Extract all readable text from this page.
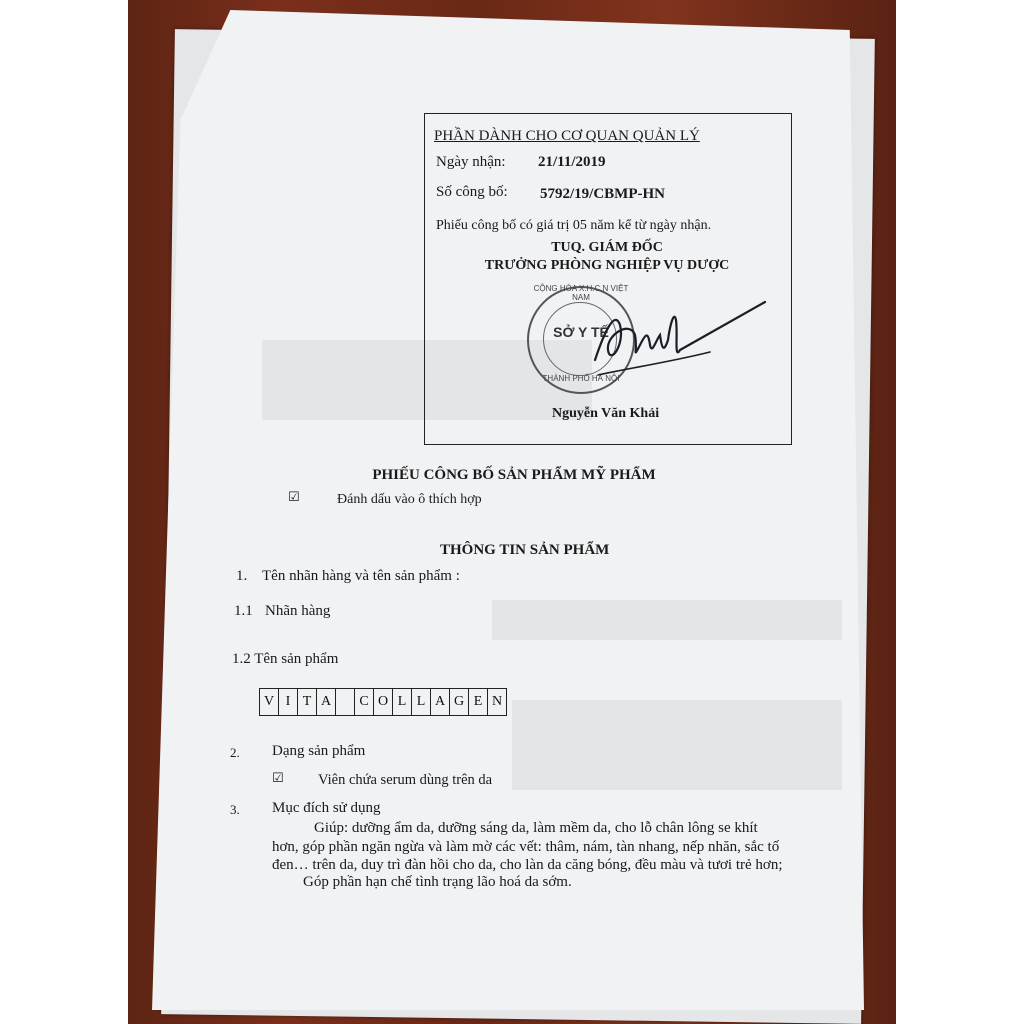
PHẦN DÀNH CHO CƠ QUAN QUẢN LÝ
Ngày nhận: 21/11/2019
Số công bố: 5792/19/CBMP-HN
Phiếu công bố có giá trị 05 năm kể từ ngày nhận.
TUQ. GIÁM ĐỐC
TRƯỞNG PHÒNG NGHIỆP VỤ DƯỢC
CỘNG HÒA X.H.C.N VIỆT NAM
SỞ Y TẾ
THÀNH PHỐ HÀ NỘI
Nguyễn Văn Khải
PHIẾU CÔNG BỐ SẢN PHẨM MỸ PHẨM
☑	Đánh dấu vào ô thích hợp
THÔNG TIN SẢN PHẨM
1. Tên nhãn hàng và tên sản phẩm :
1.1 Nhãn hàng
1.2 Tên sản phẩm
V I T A	C O L L A G E N
2. Dạng sản phẩm
☑ Viên chứa serum dùng trên da
3. Mục đích sử dụng
Giúp: dưỡng ẩm da, dưỡng sáng da, làm mềm da, cho lỗ chân lông se khít
hơn, góp phần ngăn ngừa và làm mờ các vết: thâm, nám, tàn nhang, nếp nhăn, sắc tố
đen… trên da, duy trì đàn hồi cho da, cho làn da căng bóng, đều màu và tươi trẻ hơn;
Góp phần hạn chế tình trạng lão hoá da sớm.
